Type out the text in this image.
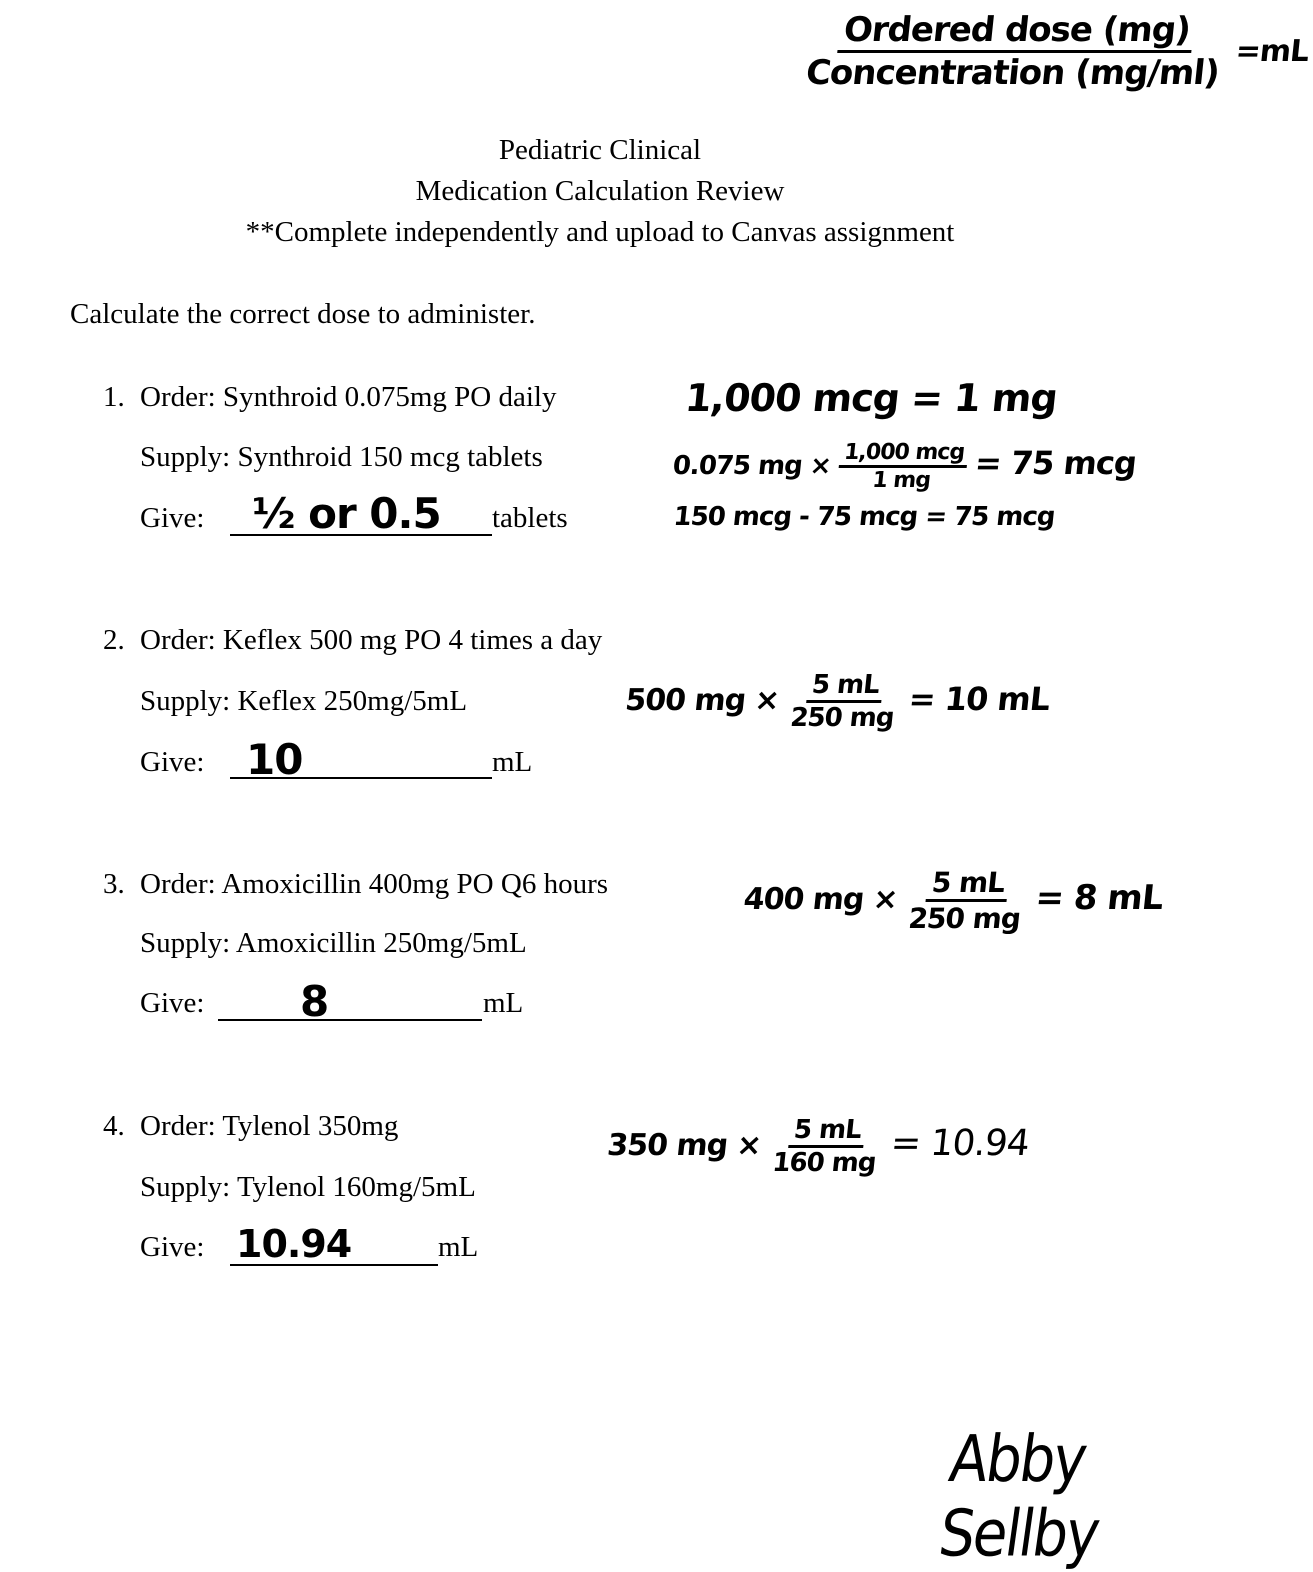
$\frac{\text{Ordered dose (mg)}}{\text{Concentration (mg/ml)}} =mL$
Pediatric Clinical
Medication Calculation Review
**Complete independently and upload to Canvas assignment
Calculate the correct dose to administer.
1. Order: Synthroid 0.075mg PO daily
Supply: Synthroid 150 mcg tablets
Give: ½ or 0.5 tablets
1,000 mcg = 1 mg
0.075 mg × $\frac{\text{1,000 mcg}}{1 mg} = 75$ mcg
150 mcg - 75 mcg = 75 mcg
2. Order: Keflex 500 mg PO 4 times a day
Supply: Keflex 250mg/5mL
Give: 10	mL
500 mg × $\frac{5 mL}{250 mg} = 10$ mL
3. Order: Amoxicillin 400mg PO Q6 hours
Supply: Amoxicillin 250mg/5mL
Give: 8	mL
400 mg × $\frac{5 mL}{250 mg} = 8$ mL
4. Order: Tylenol 350mg
Supply: Tylenol 160mg/5mL
Give: 10.94	mL
350 mg × $\frac{5 mL}{160 mg} = 10.94$
Abby Sellby
